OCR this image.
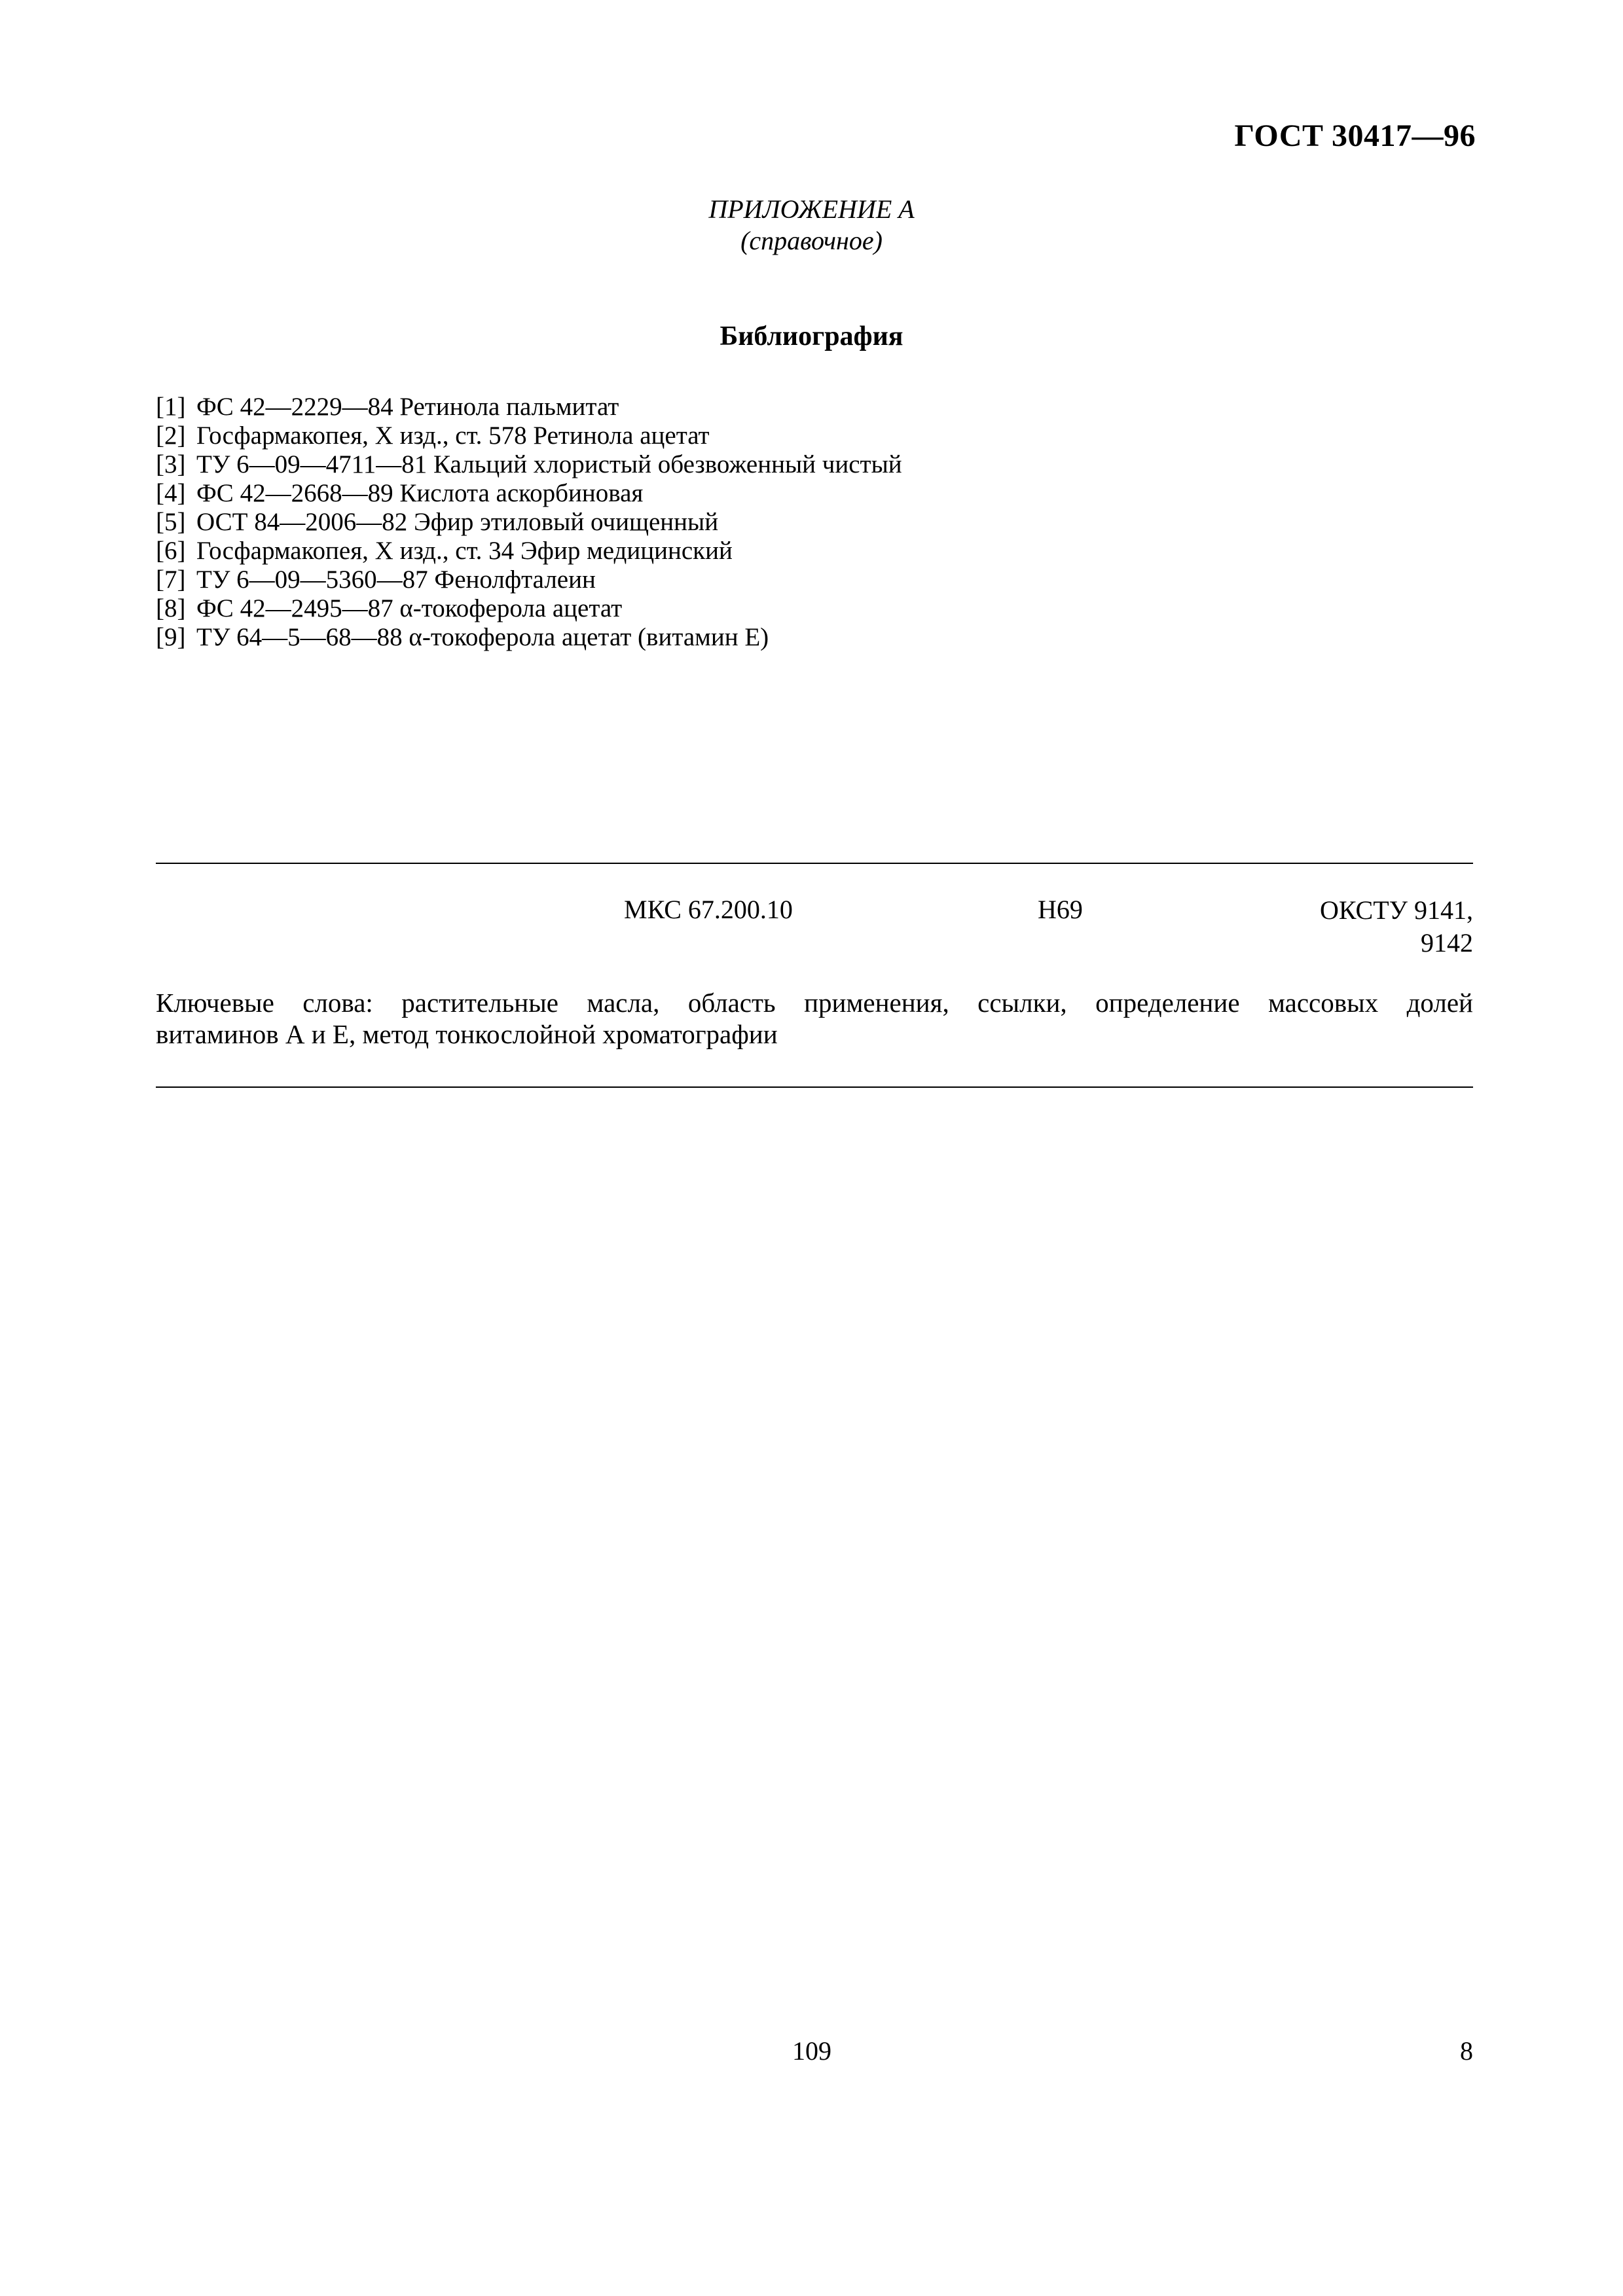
ГОСТ 30417—96
ПРИЛОЖЕНИЕ А
(справочное)
Библиография
[1] ФС 42—2229—84 Ретинола пальмитат
[2] Госфармакопея, X изд., ст. 578 Ретинола ацетат
[3] ТУ 6—09—4711—81 Кальций хлористый обезвоженный чистый
[4] ФС 42—2668—89 Кислота аскорбиновая
[5] ОСТ 84—2006—82 Эфир этиловый очищенный
[6] Госфармакопея, X изд., ст. 34 Эфир медицинский
[7] ТУ 6—09—5360—87 Фенолфталеин
[8] ФС 42—2495—87 α-токоферола ацетат
[9] ТУ 64—5—68—88 α-токоферола ацетат (витамин Е)
МКС 67.200.10	Н69	ОКСТУ 9141,
9142
Ключевые слова: растительные масла, область применения, ссылки, определение массовых долей
витаминов А и Е, метод тонкослойной хроматографии
109	8
